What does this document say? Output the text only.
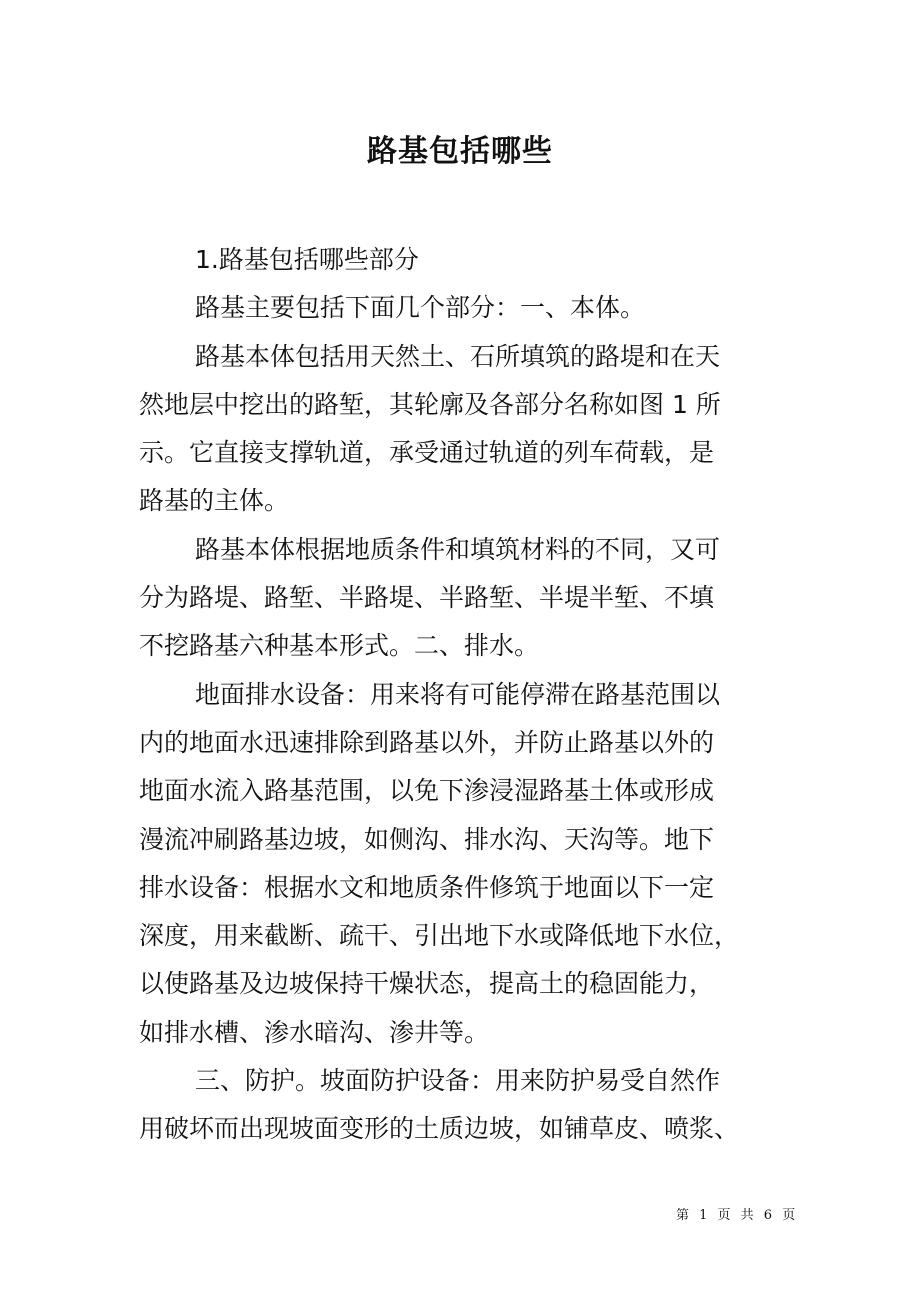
路基包括哪些
1.路基包括哪些部分
路基主要包括下面几个部分：一、本体。
路基本体包括用天然土、石所填筑的路堤和在天
然地层中挖出的路堑，其轮廓及各部分名称如图 1 所
示。它直接支撑轨道，承受通过轨道的列车荷载，是
路基的主体。
路基本体根据地质条件和填筑材料的不同，又可
分为路堤、路堑、半路堤、半路堑、半堤半堑、不填
不挖路基六种基本形式。二、排水。
地面排水设备：用来将有可能停滞在路基范围以
内的地面水迅速排除到路基以外，并防止路基以外的
地面水流入路基范围，以免下渗浸湿路基土体或形成
漫流冲刷路基边坡，如侧沟、排水沟、天沟等。地下
排水设备：根据水文和地质条件修筑于地面以下一定
深度，用来截断、疏干、引出地下水或降低地下水位，
以使路基及边坡保持干燥状态，提高土的稳固能力，
如排水槽、渗水暗沟、渗井等。
三、防护。坡面防护设备：用来防护易受自然作
用破坏而出现坡面变形的土质边坡，如铺草皮、喷浆、
第 1 页 共 6 页
